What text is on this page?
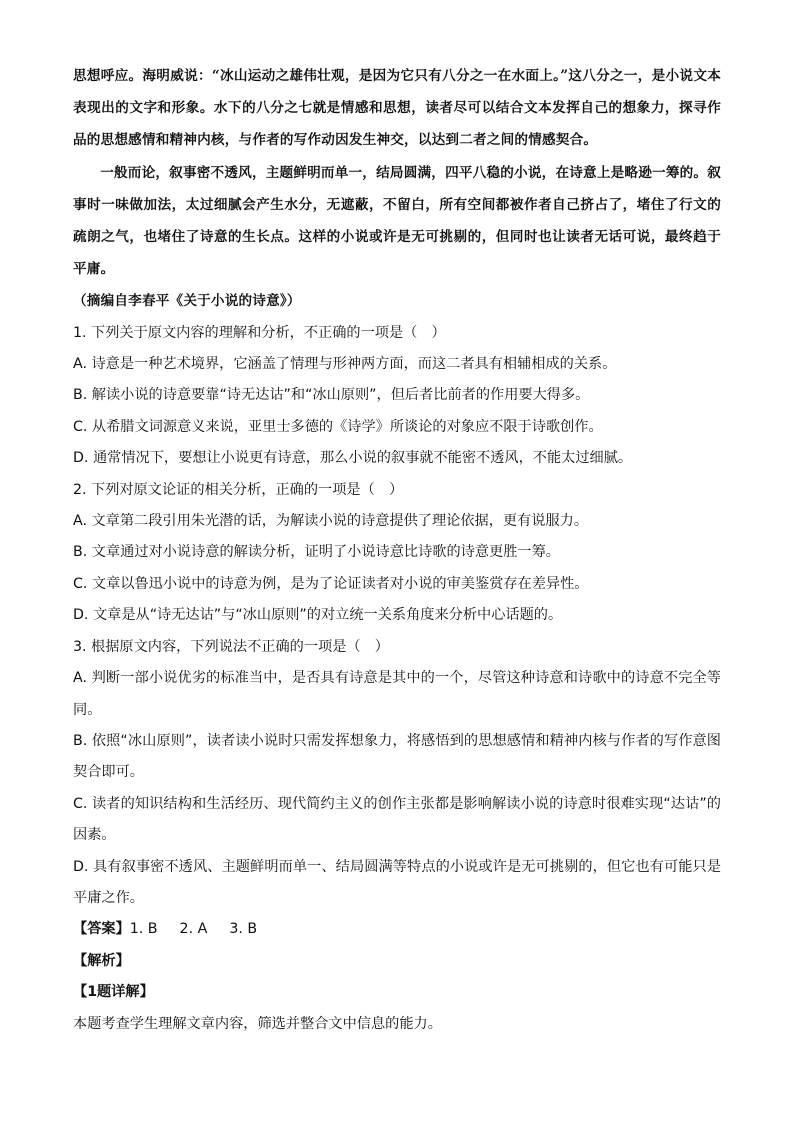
思想呼应。海明威说：“冰山运动之雄伟壮观，是因为它只有八分之一在水面上。”这八分之一，是小说文本表现出的文字和形象。水下的八分之七就是情感和思想，读者尽可以结合文本发挥自己的想象力，探寻作品的思想感情和精神内核，与作者的写作动因发生神交，以达到二者之间的情感契合。

一般而论，叙事密不透风，主题鲜明而单一，结局圆满，四平八稳的小说，在诗意上是略逊一筹的。叙事时一味做加法，太过细腻会产生水分，无遮蔽，不留白，所有空间都被作者自己挤占了，堵住了行文的疏朗之气，也堵住了诗意的生长点。这样的小说或许是无可挑剔的，但同时也让读者无话可说，最终趋于平庸。

（摘编自李春平《关于小说的诗意》）

1. 下列关于原文内容的理解和分析，不正确的一项是（　）

A. 诗意是一种艺术境界，它涵盖了情理与形神两方面，而这二者具有相辅相成的关系。

B. 解读小说的诗意要靠“诗无达诂”和“冰山原则”，但后者比前者的作用要大得多。

C. 从希腊文词源意义来说，亚里士多德的《诗学》所谈论的对象应不限于诗歌创作。

D. 通常情况下，要想让小说更有诗意，那么小说的叙事就不能密不透风，不能太过细腻。

2. 下列对原文论证的相关分析，正确的一项是（　）

A. 文章第二段引用朱光潜的话，为解读小说的诗意提供了理论依据，更有说服力。

B. 文章通过对小说诗意的解读分析，证明了小说诗意比诗歌的诗意更胜一筹。

C. 文章以鲁迅小说中的诗意为例，是为了论证读者对小说的审美鉴赏存在差异性。

D. 文章是从“诗无达诂”与“冰山原则”的对立统一关系角度来分析中心话题的。

3. 根据原文内容，下列说法不正确的一项是（　）

A. 判断一部小说优劣的标准当中，是否具有诗意是其中的一个，尽管这种诗意和诗歌中的诗意不完全等同。

B. 依照“冰山原则”，读者读小说时只需发挥想象力，将感悟到的思想感情和精神内核与作者的写作意图契合即可。

C. 读者的知识结构和生活经历、现代简约主义的创作主张都是影响解读小说的诗意时很难实现“达诂”的因素。

D. 具有叙事密不透风、主题鲜明而单一、结局圆满等特点的小说或许是无可挑剔的，但它也有可能只是平庸之作。

【答案】1. B 2. A 3. B

【解析】

【1题详解】

本题考查学生理解文章内容，筛选并整合文中信息的能力。
